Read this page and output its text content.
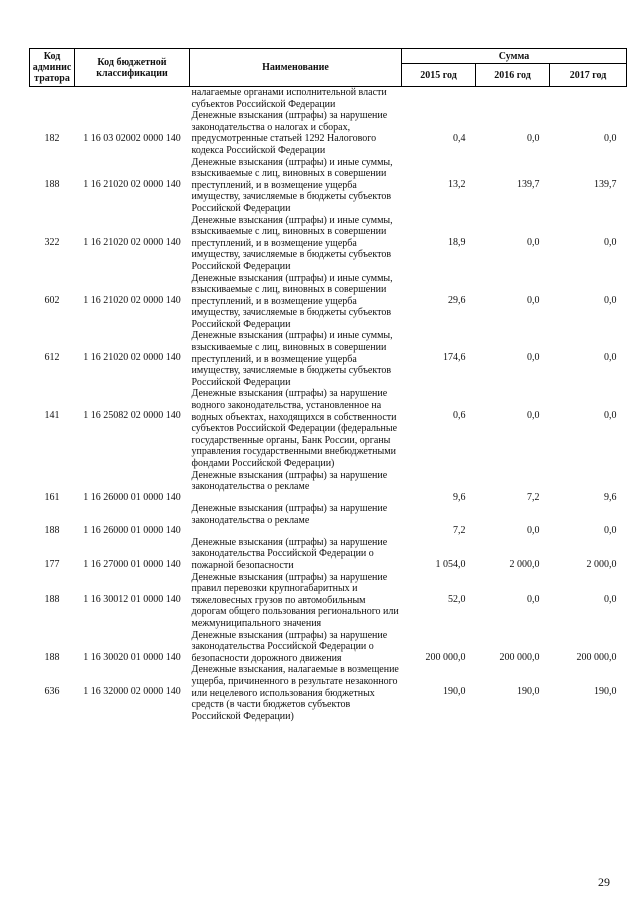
Код админис тратора	Код бюджетной классификации	Наименование	Сумма		
			2015 год	2016 год	2017 год
		налагаемые органами исполнительной власти субъектов Российской Федерации			
182	1 16 03 02002 0000 140	Денежные взыскания (штрафы) за нарушение законодательства о налогах и сборах, предусмотренные статьей 1292 Налогового кодекса Российской Федерации	0,4	0,0	0,0
188	1 16 21020 02 0000 140	Денежные взыскания (штрафы) и иные суммы, взыскиваемые с лиц, виновных в совершении преступлений, и в возмещение ущерба имуществу, зачисляемые в бюджеты субъектов Российской Федерации	13,2	139,7	139,7
322	1 16 21020 02 0000 140	Денежные взыскания (штрафы) и иные суммы, взыскиваемые с лиц, виновных в совершении преступлений, и в возмещение ущерба имуществу, зачисляемые в бюджеты субъектов Российской Федерации	18,9	0,0	0,0
602	1 16 21020 02 0000 140	Денежные взыскания (штрафы) и иные суммы, взыскиваемые с лиц, виновных в совершении преступлений, и в возмещение ущерба имуществу, зачисляемые в бюджеты субъектов Российской Федерации	29,6	0,0	0,0
612	1 16 21020 02 0000 140	Денежные взыскания (штрафы) и иные суммы, взыскиваемые с лиц, виновных в совершении преступлений, и в возмещение ущерба имуществу, зачисляемые в бюджеты субъектов Российской Федерации	174,6	0,0	0,0
141	1 16 25082 02 0000 140	Денежные взыскания (штрафы) за нарушение водного законодательства, установленное на водных объектах, находящихся в собственности субъектов Российской Федерации (федеральные государственные органы, Банк России, органы управления государственными внебюджетными фондами Российской Федерации)	0,6	0,0	0,0
161	1 16 26000 01 0000 140	Денежные взыскания (штрафы) за нарушение законодательства о рекламе	9,6	7,2	9,6
188	1 16 26000 01 0000 140	Денежные взыскания (штрафы) за нарушение законодательства о рекламе	7,2	0,0	0,0
177	1 16 27000 01 0000 140	Денежные взыскания (штрафы) за нарушение законодательства Российской Федерации о пожарной безопасности	1 054,0	2 000,0	2 000,0
188	1 16 30012 01 0000 140	Денежные взыскания (штрафы) за нарушение правил перевозки крупногабаритных и тяжеловесных грузов по автомобильным дорогам общего пользования регионального или межмуниципального значения	52,0	0,0	0,0
188	1 16 30020 01 0000 140	Денежные взыскания (штрафы) за нарушение законодательства Российской Федерации о безопасности дорожного движения	200 000,0	200 000,0	200 000,0
636	1 16 32000 02 0000 140	Денежные взыскания, налагаемые в возмещение ущерба, причиненного в результате незаконного или нецелевого использования бюджетных средств (в части бюджетов субъектов Российской Федерации)	190,0	190,0	190,0
29
